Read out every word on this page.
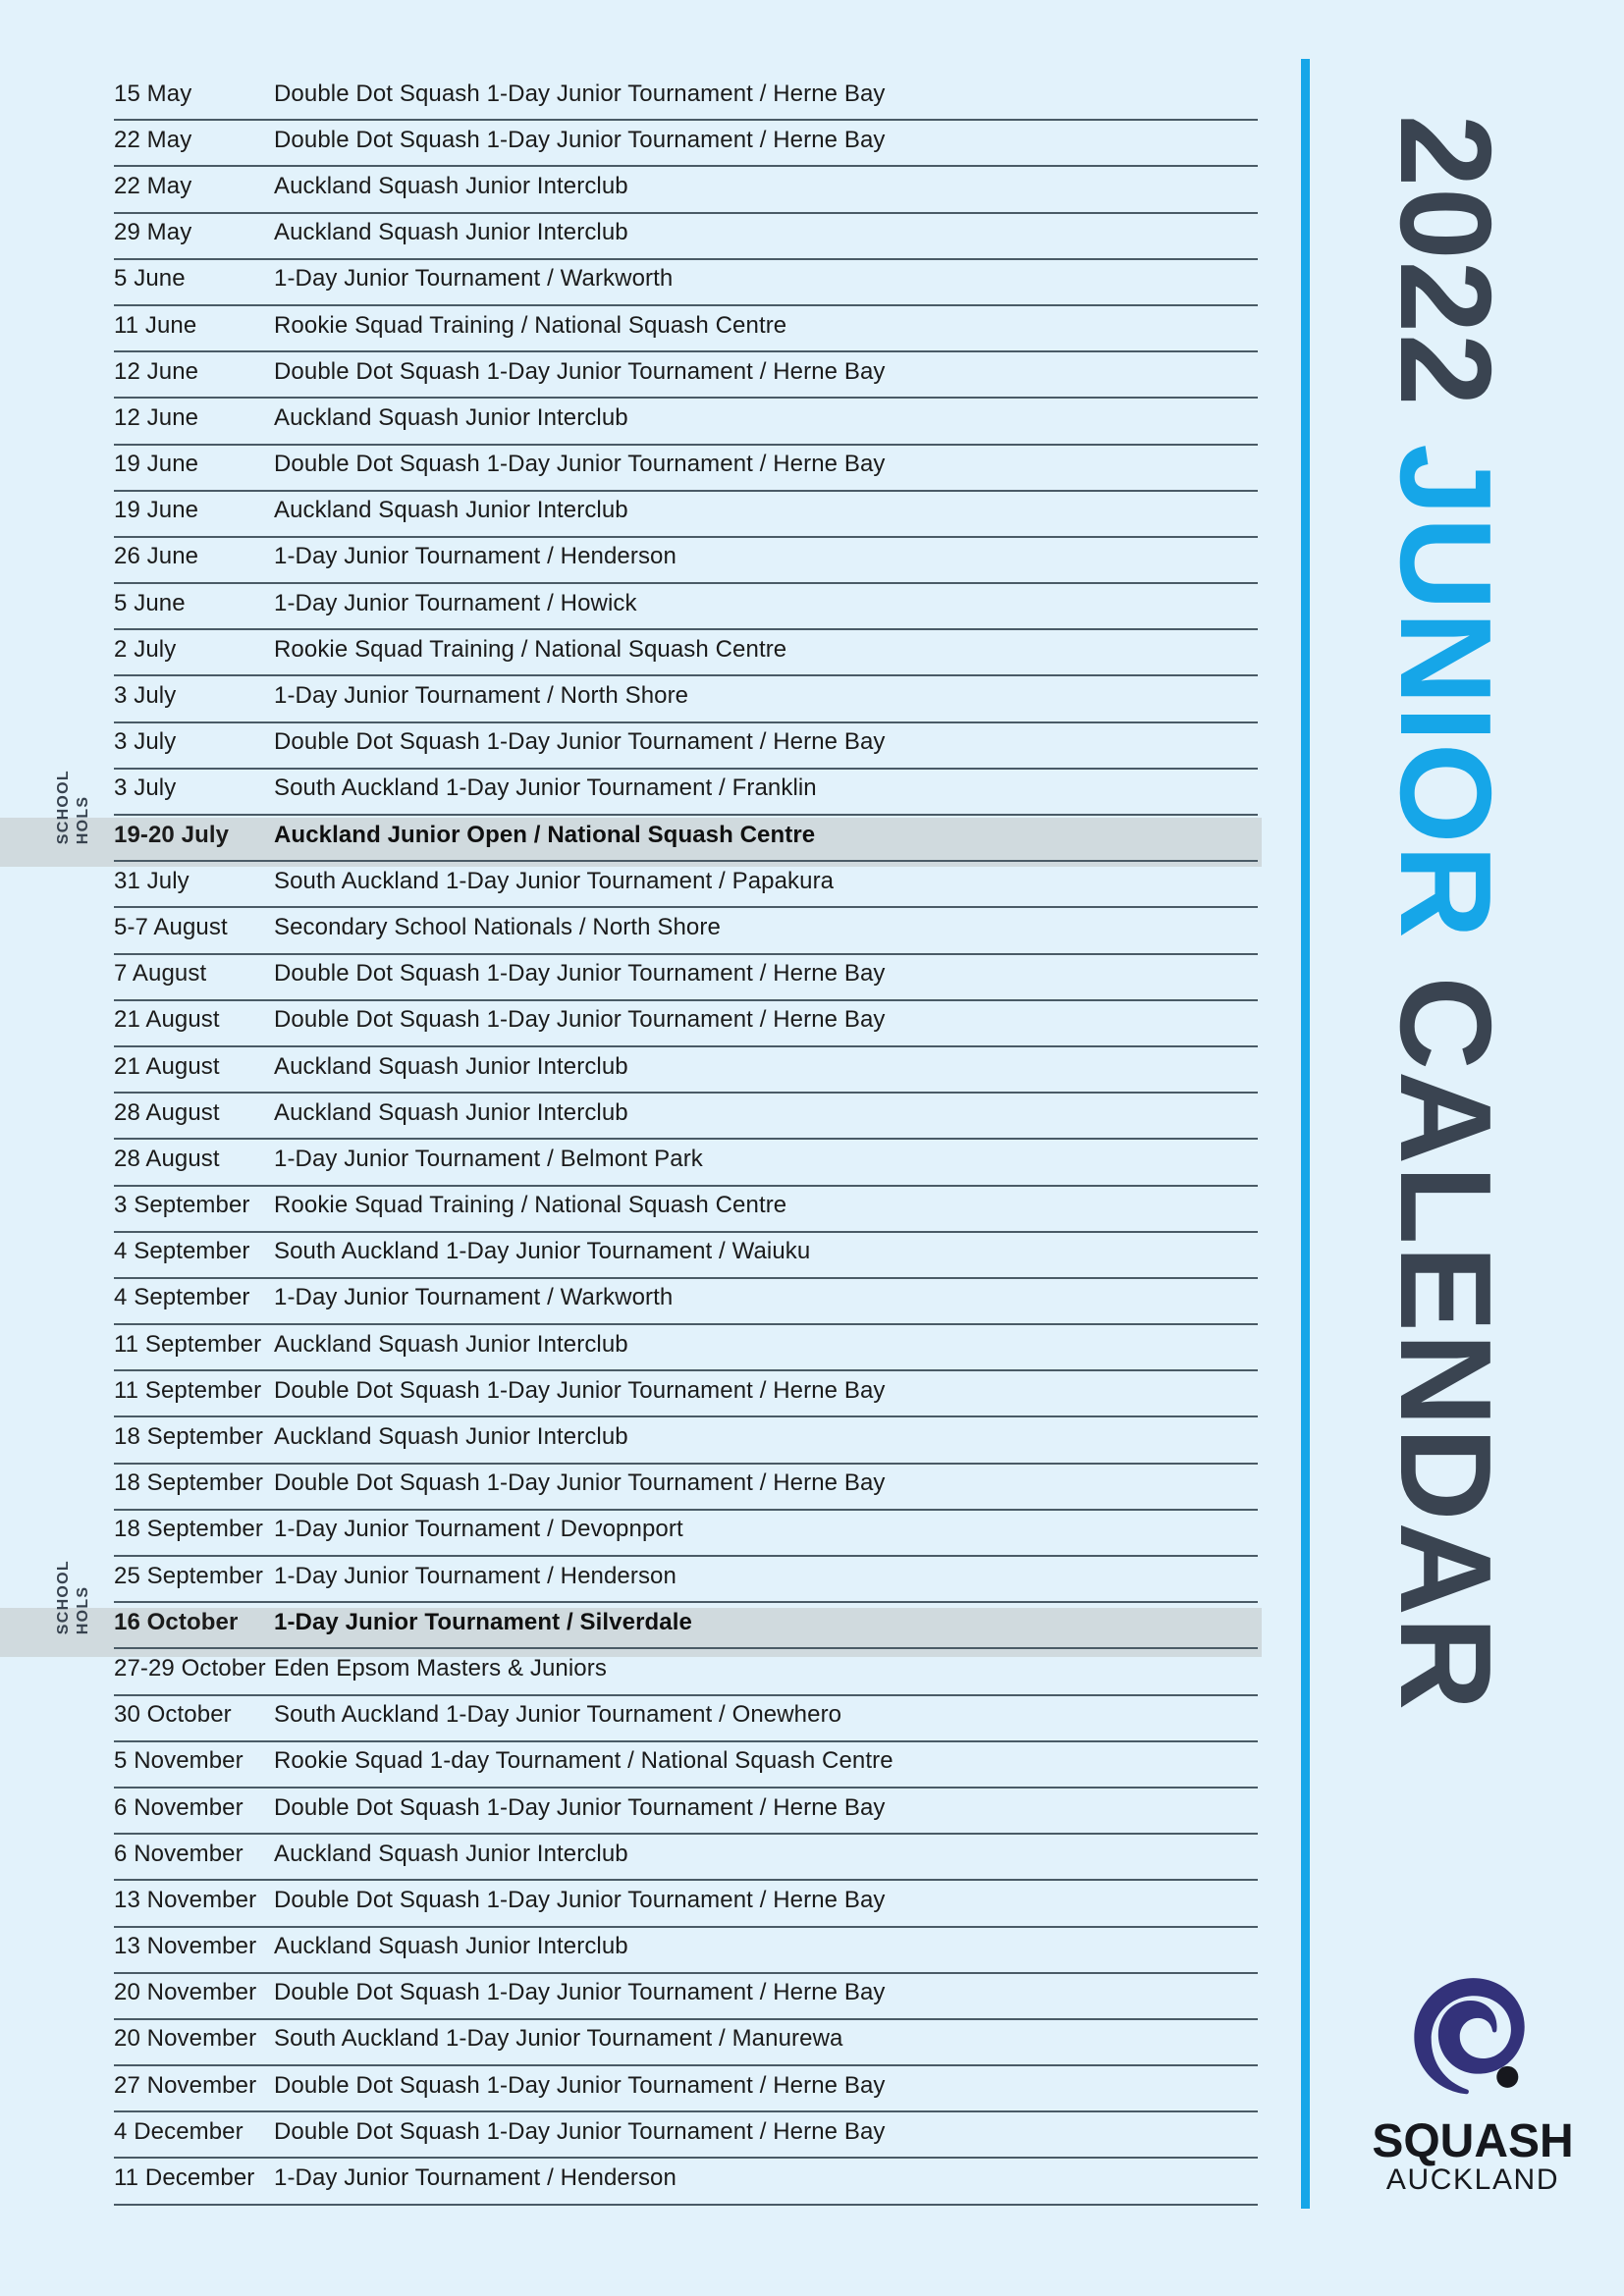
SCHOOL HOLS
SCHOOL HOLS
15 May	Double Dot Squash 1-Day Junior Tournament / Herne Bay
22 May	Double Dot Squash 1-Day Junior Tournament / Herne Bay
22 May	Auckland Squash Junior Interclub
29 May	Auckland Squash Junior Interclub
5 June	1-Day Junior Tournament / Warkworth
11 June	Rookie Squad Training / National Squash Centre
12 June	Double Dot Squash 1-Day Junior Tournament / Herne Bay
12 June	Auckland Squash Junior Interclub
19 June	Double Dot Squash 1-Day Junior Tournament / Herne Bay
19 June	Auckland Squash Junior Interclub
26 June	1-Day Junior Tournament / Henderson
5 June	1-Day Junior Tournament / Howick
2 July	Rookie Squad Training / National Squash Centre
3 July	1-Day Junior Tournament / North Shore
3 July	Double Dot Squash 1-Day Junior Tournament / Herne Bay
3 July	South Auckland 1-Day Junior Tournament / Franklin
19-20 July	Auckland Junior Open / National Squash Centre
31 July	South Auckland 1-Day Junior Tournament / Papakura
5-7 August	Secondary School Nationals / North Shore
7 August	Double Dot Squash 1-Day Junior Tournament / Herne Bay
21 August	Double Dot Squash 1-Day Junior Tournament / Herne Bay
21 August	Auckland Squash Junior Interclub
28 August	Auckland Squash Junior Interclub
28 August	1-Day Junior Tournament / Belmont Park
3 September	Rookie Squad Training / National Squash Centre
4 September	South Auckland 1-Day Junior Tournament / Waiuku
4 September	1-Day Junior Tournament / Warkworth
11 September Auckland Squash Junior Interclub
11 September Double Dot Squash 1-Day Junior Tournament / Herne Bay
18 September Auckland Squash Junior Interclub
18 September Double Dot Squash 1-Day Junior Tournament / Herne Bay
18 September 1-Day Junior Tournament / Devopnport
25 September 1-Day Junior Tournament / Henderson
16 October	1-Day Junior Tournament / Silverdale
27-29 October Eden Epsom Masters & Juniors
30 October	South Auckland 1-Day Junior Tournament / Onewhero
5 November	Rookie Squad 1-day Tournament / National Squash Centre
6 November	Double Dot Squash 1-Day Junior Tournament / Herne Bay
6 November	Auckland Squash Junior Interclub
13 November Double Dot Squash 1-Day Junior Tournament / Herne Bay
13 November Auckland Squash Junior Interclub
20 November Double Dot Squash 1-Day Junior Tournament / Herne Bay
20 November South Auckland 1-Day Junior Tournament / Manurewa
27 November Double Dot Squash 1-Day Junior Tournament / Herne Bay
4 December	Double Dot Squash 1-Day Junior Tournament / Herne Bay
11 December 1-Day Junior Tournament / Henderson
2022 JUNIOR CALENDAR
SQUASH
AUCKLAND
